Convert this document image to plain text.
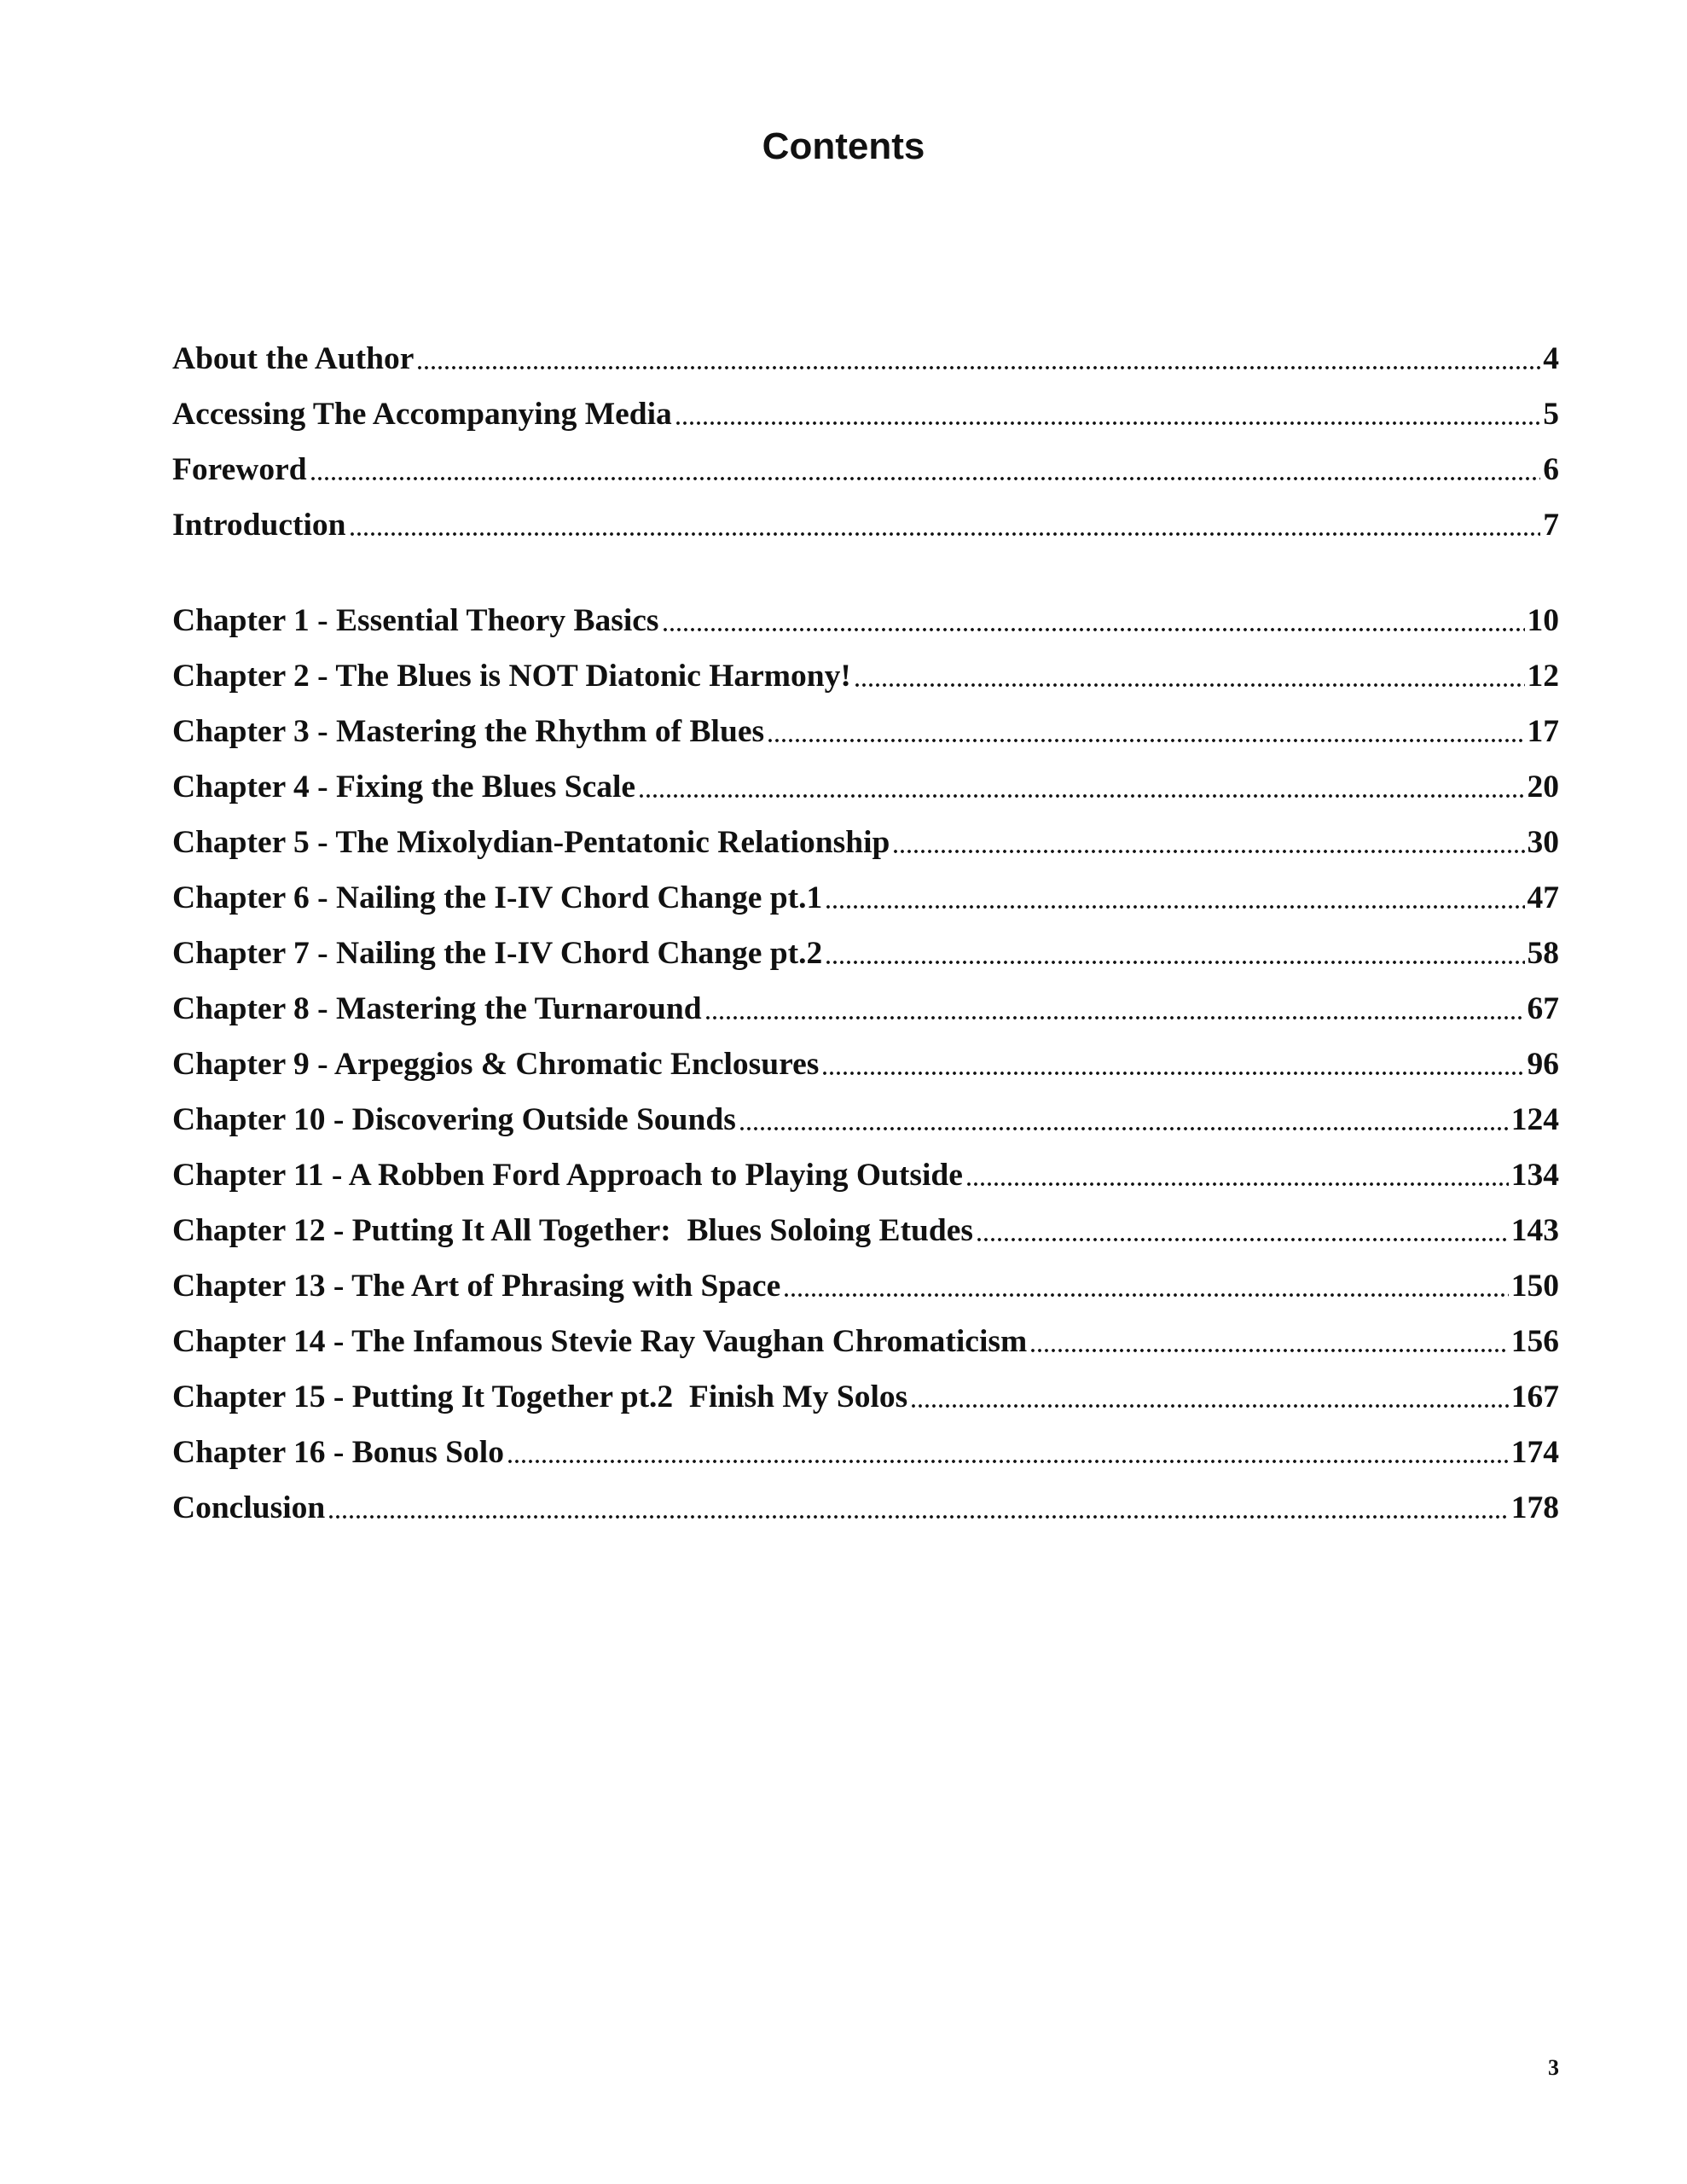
Contents
About the Author	4
Accessing The Accompanying Media	5
Foreword	6
Introduction	7
Chapter 1 - Essential Theory Basics	10
Chapter 2 - The Blues is NOT Diatonic Harmony!	12
Chapter 3 - Mastering the Rhythm of Blues	17
Chapter 4 - Fixing the Blues Scale	20
Chapter 5 - The Mixolydian-Pentatonic Relationship	30
Chapter 6 - Nailing the I-IV Chord Change pt.1	47
Chapter 7 - Nailing the I-IV Chord Change pt.2	58
Chapter 8 - Mastering the Turnaround	67
Chapter 9 - Arpeggios & Chromatic Enclosures	96
Chapter 10 - Discovering Outside Sounds	124
Chapter 11 - A Robben Ford Approach to Playing Outside	134
Chapter 12 - Putting It All Together:  Blues Soloing Etudes	143
Chapter 13 - The Art of Phrasing with Space	150
Chapter 14 - The Infamous Stevie Ray Vaughan Chromaticism	156
Chapter 15 - Putting It Together pt.2  Finish My Solos	167
Chapter 16 - Bonus Solo	174
Conclusion	178
3
